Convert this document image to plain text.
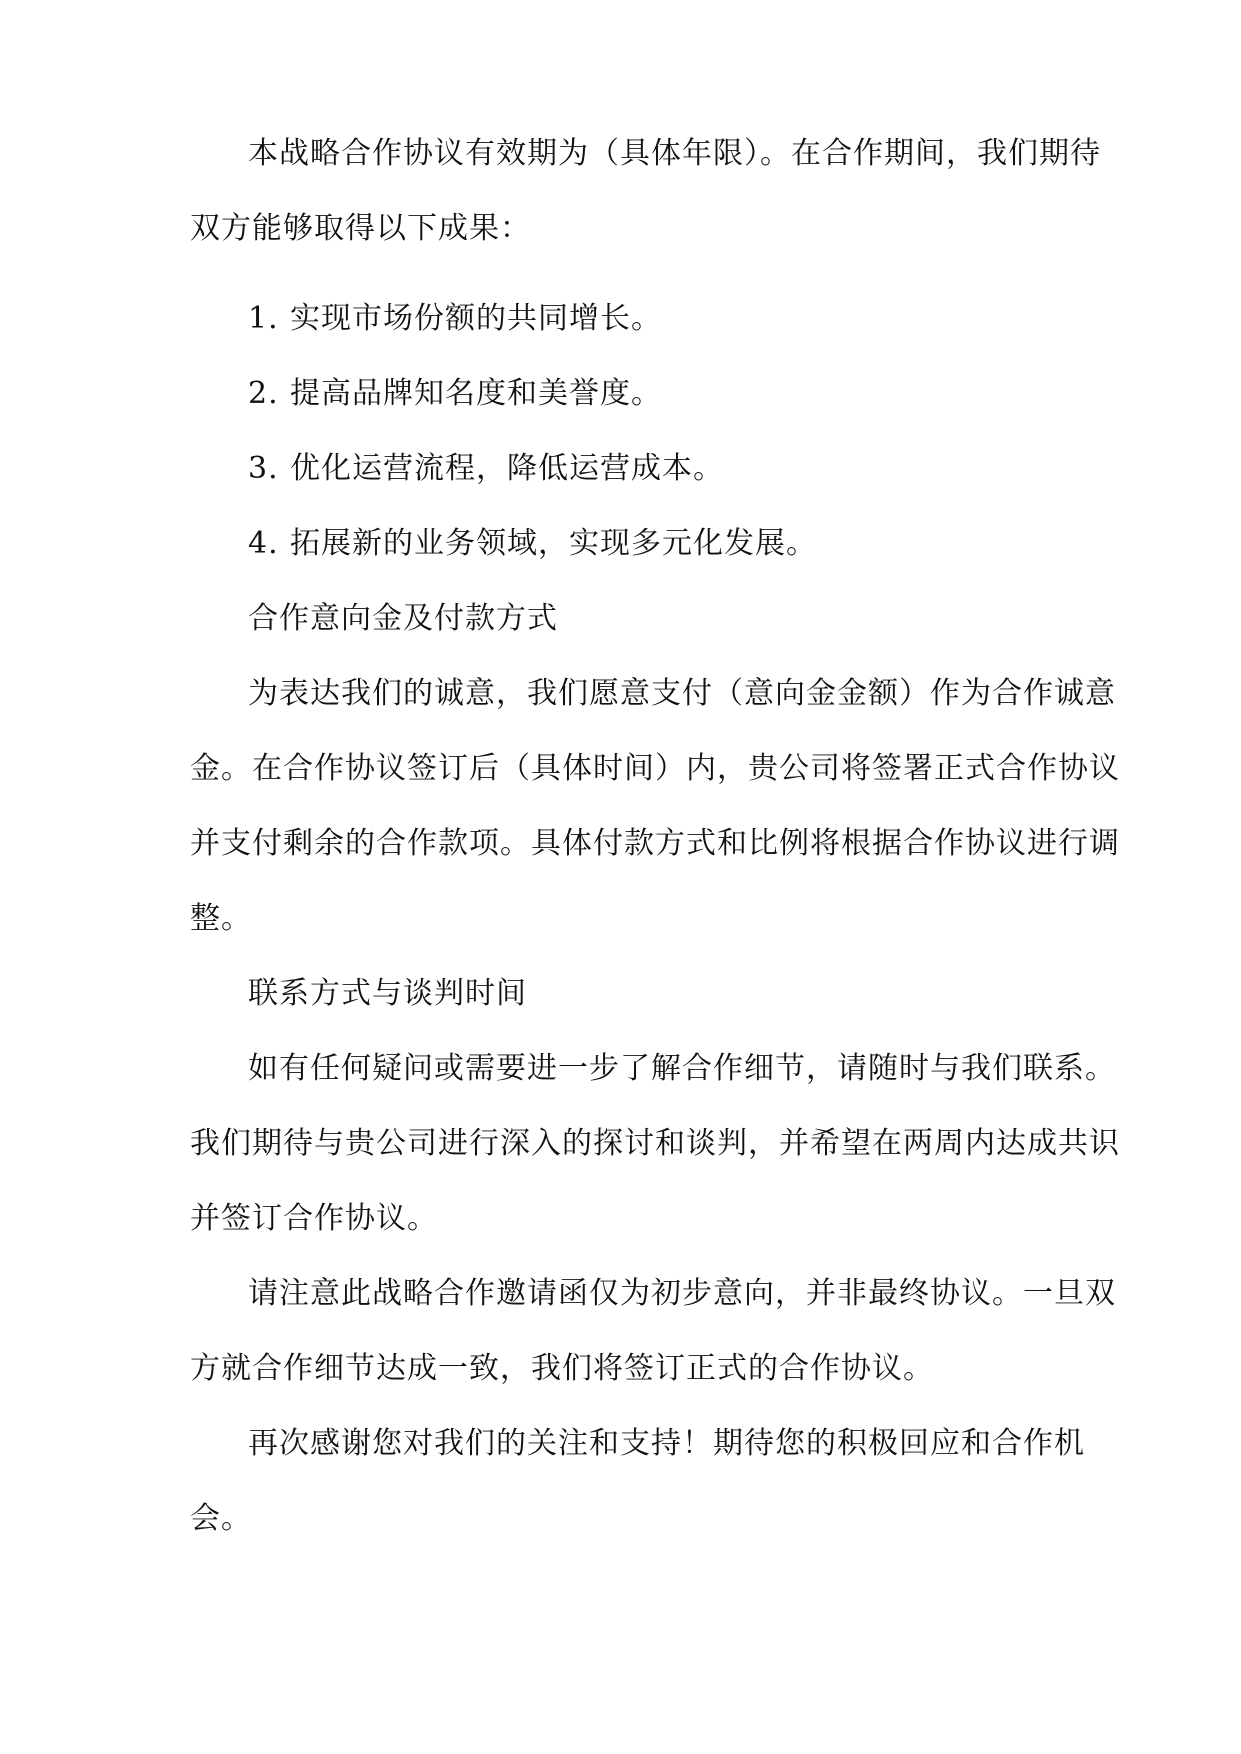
本战略合作协议有效期为（具体年限）。在合作期间，我们期待
双方能够取得以下成果：
1. 实现市场份额的共同增长。
2. 提高品牌知名度和美誉度。
3. 优化运营流程，降低运营成本。
4. 拓展新的业务领域，实现多元化发展。
合作意向金及付款方式
为表达我们的诚意，我们愿意支付（意向金金额）作为合作诚意
金。在合作协议签订后（具体时间）内，贵公司将签署正式合作协议
并支付剩余的合作款项。具体付款方式和比例将根据合作协议进行调
整。
联系方式与谈判时间
如有任何疑问或需要进一步了解合作细节，请随时与我们联系。
我们期待与贵公司进行深入的探讨和谈判，并希望在两周内达成共识
并签订合作协议。
请注意此战略合作邀请函仅为初步意向，并非最终协议。一旦双
方就合作细节达成一致，我们将签订正式的合作协议。
再次感谢您对我们的关注和支持！期待您的积极回应和合作机
会。
